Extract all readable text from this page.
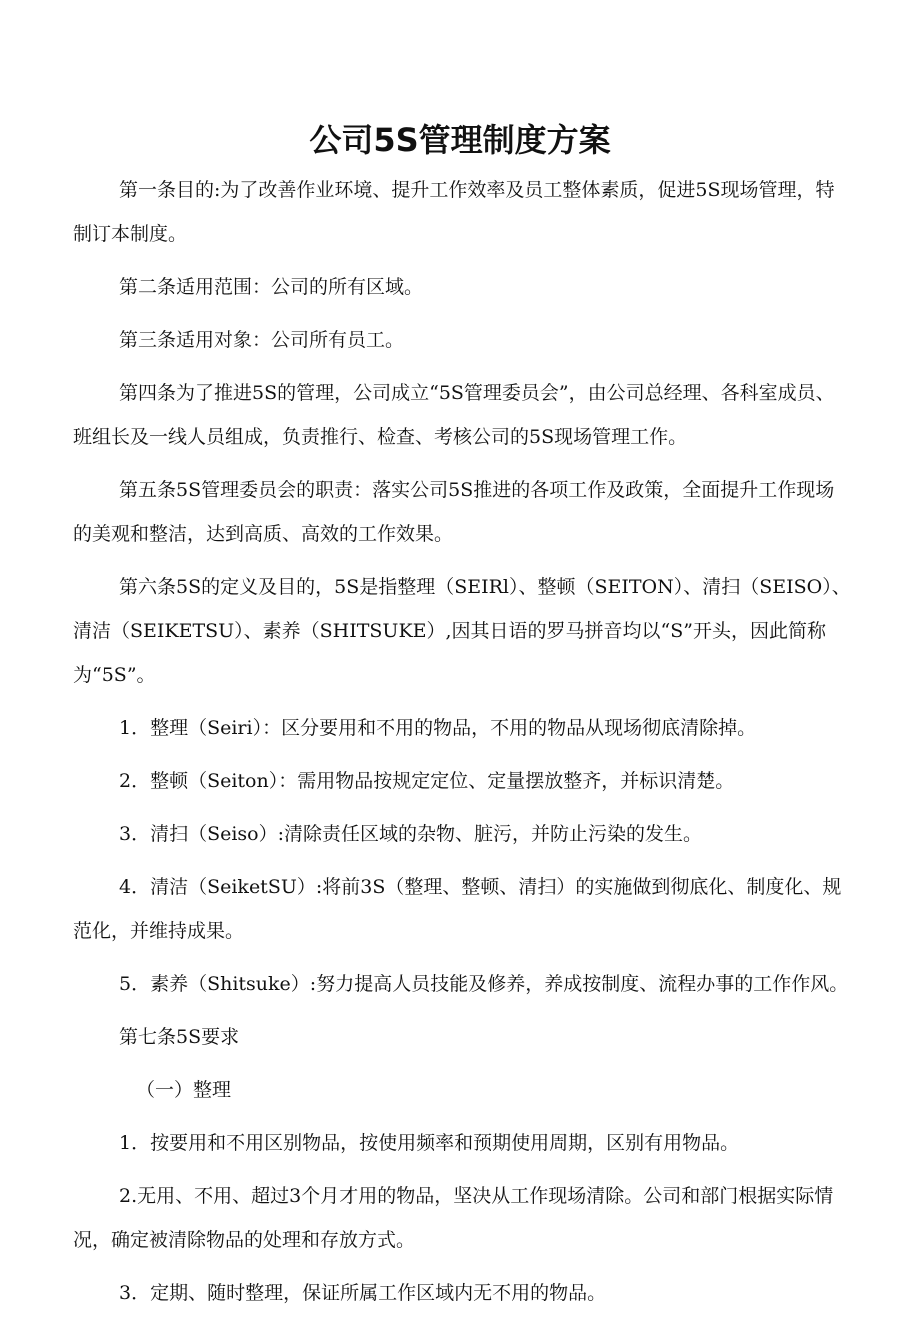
公司5S管理制度方案

第一条目的:为了改善作业环境、提升工作效率及员工整体素质，促进5S现场管理，特制订本制度。

第二条适用范围：公司的所有区域。

第三条适用对象：公司所有员工。

第四条为了推进5S的管理，公司成立“5S管理委员会”，由公司总经理、各科室成员、班组长及一线人员组成，负责推行、检查、考核公司的5S现场管理工作。

第五条5S管理委员会的职责：落实公司5S推进的各项工作及政策，全面提升工作现场的美观和整洁，达到高质、高效的工作效果。

第六条5S的定义及目的，5S是指整理（SEIRl）、整顿（SEITON）、清扫（SEISO）、清洁（SEIKETSU）、素养（SHITSUKE）,因其日语的罗马拼音均以“S”开头，因此简称为“5S”。

1．整理（Seiri）：区分要用和不用的物品，不用的物品从现场彻底清除掉。

2．整顿（Seiton）：需用物品按规定定位、定量摆放整齐，并标识清楚。

3．清扫（Seiso）:清除责任区域的杂物、脏污，并防止污染的发生。

4．清洁（SeiketSU）:将前3S（整理、整顿、清扫）的实施做到彻底化、制度化、规范化，并维持成果。

5．素养（Shitsuke）:努力提高人员技能及修养，养成按制度、流程办事的工作作风。

第七条5S要求

（一）整理

1．按要用和不用区别物品，按使用频率和预期使用周期，区别有用物品。

2.无用、不用、超过3个月才用的物品，坚决从工作现场清除。公司和部门根据实际情况，确定被清除物品的处理和存放方式。

3．定期、随时整理，保证所属工作区域内无不用的物品。
